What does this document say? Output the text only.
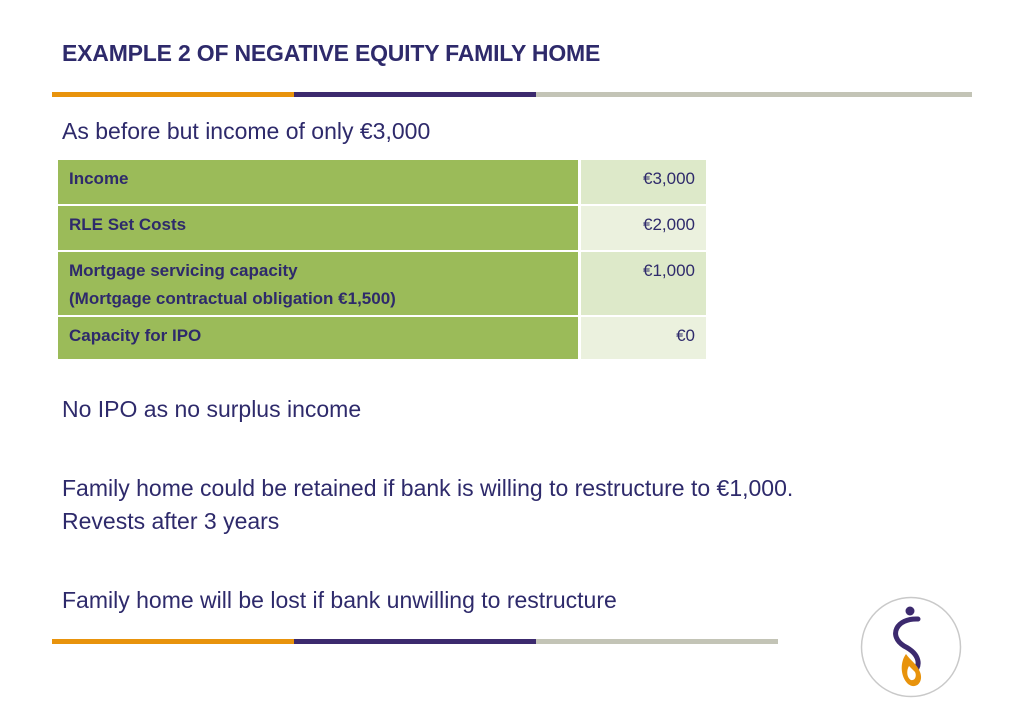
EXAMPLE 2 OF NEGATIVE EQUITY FAMILY HOME
As before but income of only €3,000
Income	€3,000
RLE Set Costs	€2,000

Mortgage servicing capacity
(Mortgage contractual obligation €1,500)	€1,000
Capacity for IPO	€0
No IPO as no surplus income
Family home could be retained if bank is willing to restructure to €1,000.
Revests after 3 years
Family home will be lost if bank unwilling to restructure
